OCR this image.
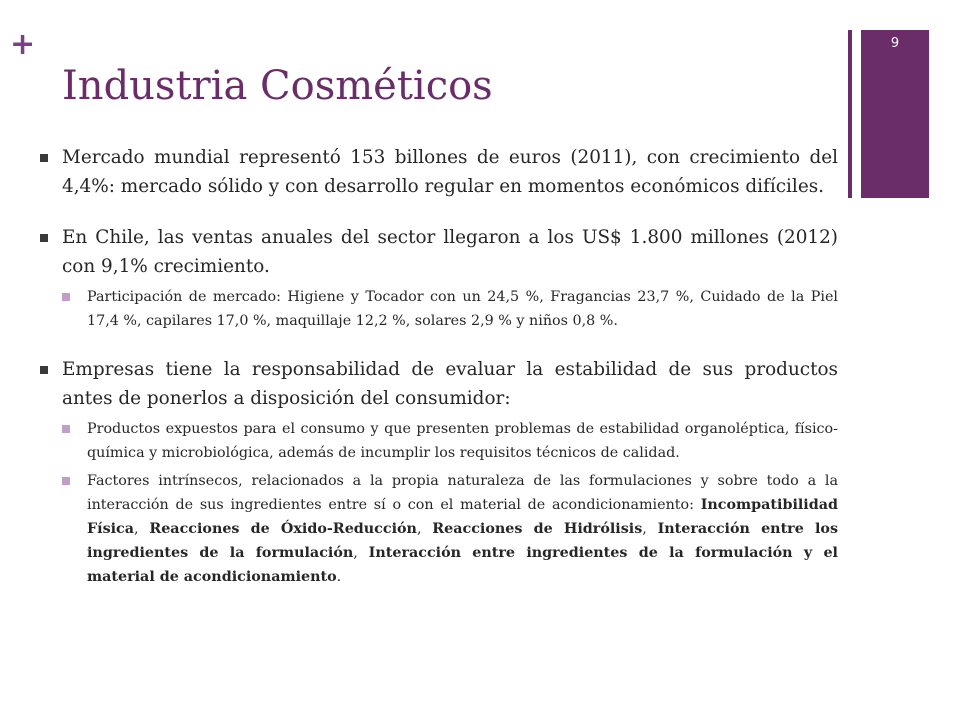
+
Industria Cosméticos
9
Mercado mundial representó 153 billones de euros (2011), con crecimiento del 4,4%: mercado sólido y con desarrollo regular en momentos económicos difíciles.
En Chile, las ventas anuales del sector llegaron a los US$ 1.800 millones (2012) con 9,1% crecimiento.
Participación de mercado: Higiene y Tocador con un 24,5 %, Fragancias 23,7 %, Cuidado de la Piel 17,4 %, capilares 17,0 %, maquillaje 12,2 %, solares 2,9 % y niños 0,8 %.
Empresas tiene la responsabilidad de evaluar la estabilidad de sus productos antes de ponerlos a disposición del consumidor:
Productos expuestos para el consumo y que presenten problemas de estabilidad organoléptica, físico-química y microbiológica, además de incumplir los requisitos técnicos de calidad.
Factores intrínsecos, relacionados a la propia naturaleza de las formulaciones y sobre todo a la interacción de sus ingredientes entre sí o con el material de acondicionamiento: Incompatibilidad Física, Reacciones de Óxido-Reducción, Reacciones de Hidrólisis, Interacción entre los ingredientes de la formulación, Interacción entre ingredientes de la formulación y el material de acondicionamiento.
